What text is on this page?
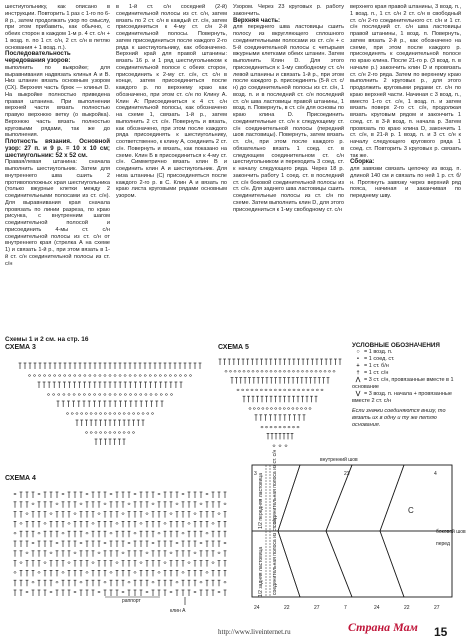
шестиугольнику, как описано в инструкции. Повторить 1 раз с 1-го по 6-й р., затем продолжать узор по смыслу, при этом прибавить, как обычно, с обеих сторон в каждом 1-м р. 4 ст. с/н + 1 возд. п. по 1 ст. с/н, 2 ст. с/н в петлю основания + 1 возд. п.).

Последовательность чередования узоров:

выполнить по выкройке; для выравнивания надвязать клинья А и В. Низ штанин вязать основным узором (СХ). Верхняя часть брюк — клинья D. На выкройке полностью приведена правая штанина. При выполнении верхней части вязать полностью правую верхнюю ветку (о выкройка). Верхнюю часть вязать полностью круговыми рядами, так же до выполнения.

Плотность вязания. Основной узор: 27 п. и 9 р. = 10 х 10 см; шестиугольник: 52 х 52 см.

Правая/левая штанина: сначала выполнить шестиугольник. Затем для внутреннего шва сшить 2 противоположных края шестиугольника (только вжурные клетки между 2 соединительными полосами из ст. с/н). Для выравнивания края сначала провязать по линии разреза, по краю рисунка, с внутренним шагом соединительной полосой и присоединить 4-мы ст. с/н соединительной полосы из ст. с/н от внутреннего края (стрелка А на схеме 1) и связать 1-й р., при этом вязать в 1-й ст. с/н соединительной полосы из ст. с/н

в 1-й ст. с/н соседней (2-й) соединительной полосы из ст. с/н, затем вязать по 2 ст. с/н в каждый ст. с/н, затем присоединиться к 4-му ст. с/н 2-й соединительной полосы. Повернуть, затем присоединиться после каждого 2-го ряда к шестиугольнику, как обозначено. Верхний край для правой штанины: вязать 16 р. и 1 ряд шестиугольником к соединительной полосе с обеих сторон, присоединить к 2-му ст. с/н, ст. с/н в конце, затем присоединиться после каждого р. по верхнему краю как обозначено, при этом ст. с/н по Клину А. Клин А: Присоединиться к 4 ст. с/н соединительной полосы, как обозначено на схеме 1, связать 1-й р., затем выполнить 2 ст. с/н. Повернуть и вязать, как обозначено, при этом после каждого ряда присоединять к шестиугольнику, соответственно, к клину А, соединить 2 ст. с/н. Повернуть и вязать, как показано на схеме. Клин Б в присоединиться к 4-му ст. с/н. Симметрично вязать клин В и соединить клин А и шестиугольник. Для низа штанины (С) присоединяться после каждого 2-го р. в С. Клин А и вязать по краю листа круговыми рядами основным узором.

Узором. Через 23 круговых р. работу закончить.

Верхняя часть:

для переднего шва ластовицы сшить полосу из вкругляющего сплошного соединительными полосами из ст. с/н + с 5-й соединительной полосы с четырьмя вжурными клетками обеих штанин. Затем выполнить Клин D. Для этого присоединиться к 1-му свободному ст. с/н левой штанины и связать 1-й р., при этом после каждого р. присоединять (5-й ст. с/н) до соединительной полосы из ст. с/н, 1 возд. п. и в последний ст. с/н последний ст. с/н шва ластовицы правой штанины, 1 возд. п. Повернуть, в ст. с/н для основы по краю клина D. Присоединить соединительные ст. с/н к следующему ст. с/н соединительной полосы (передний шов ластовицы). Повернуть, затем вязать ст. с/н, при этом после каждого р. обязательно вязать 1 соед. ст. в следующем соединительном ст. с/н шестиугольником и переходить 3 соед. ст. к началу следующего ряда. Через 18 р. закончить работу 1 соед. ст. в последний ст. с/н боковой соединительной полосы из ст. с/н. Для заднего шва ластовицы сшить соединительные полосы из ст. с/н по схеме. Затем выполнить клин D, для этого присоединиться к 1-му свободному ст. с/н

верхнего края правой штанины, 3 возд. п., 1 возд. п., 1 ст. с/н 2 ст. с/н в свободный ст. с/н 2-го соединительного ст. с/н и 1 ст. с/н последний ст. с/н шва ластовицы правой штанины, 1 возд. п. Повернуть, затем вязать 2-й р., как обозначено на схеме, при этом после каждого р. присоединять к соединительной полосе по краю клина. После 21-го р. (3 возд. п. в начале р.) закончить клин D и провязать ст. с/н 2-го ряда. Затем по верхнему краю выполнить 2 круговых р., для этого продолжить круговыми рядами ст. с/н по краю верхней части. Начиная с 3 возд. п., вместо 1-го ст. с/н, 1 возд. п. и затем вязать поверх 2-го ст. с/н, продолжая вязать круговым рядом и закончить 1 соед. ст. в 3-й возд. п. начала р. Затем провязать по краю клина D, закончить 1 ст. с/н, в 21-й р. 1 возд. п. и 3 ст. с/н к началу следующего кругового ряда 1 соед. ст. Повторить 3 круговых р. связать так же.

Сборка:

для завязки связать цепочку из возд. п. длиной 140 см и связать по ней 1 р. ст. б/н. Протянуть завязку через верхний ряд пояса, начиная и заканчивая по переднему шву.

Схемы 1 и 2 см. на стр. 16
СХЕМА 3	СХЕМА 5
СХЕМА 4
раппорт
клин А
УСЛОВНЫЕ ОБОЗНАЧЕНИЯ
○ = 1 возд. п.
• = 1 соед. ст.
+ = 1 ст. б/н
† = 1 ст. с/н
⋀ = 3 ст. с/н, провязанные вместе в 1 основание
⋁ = 3 возд. п. начала + провязанные вместе 2 ст. с/н
Если значки соединяются внизу, то вязать их в одну и ту же петлю основания.
внутренний шов
боковой шов
перед
C
1/2 передняя ластовица
1/2 задняя ластовица
соединительная полоса из ст. с/н
соединительная полоса из ст. с/н
3	23	4
24	22	27	7	24	22	27
http://www.liveinternet.ru	Страна Мам 15
